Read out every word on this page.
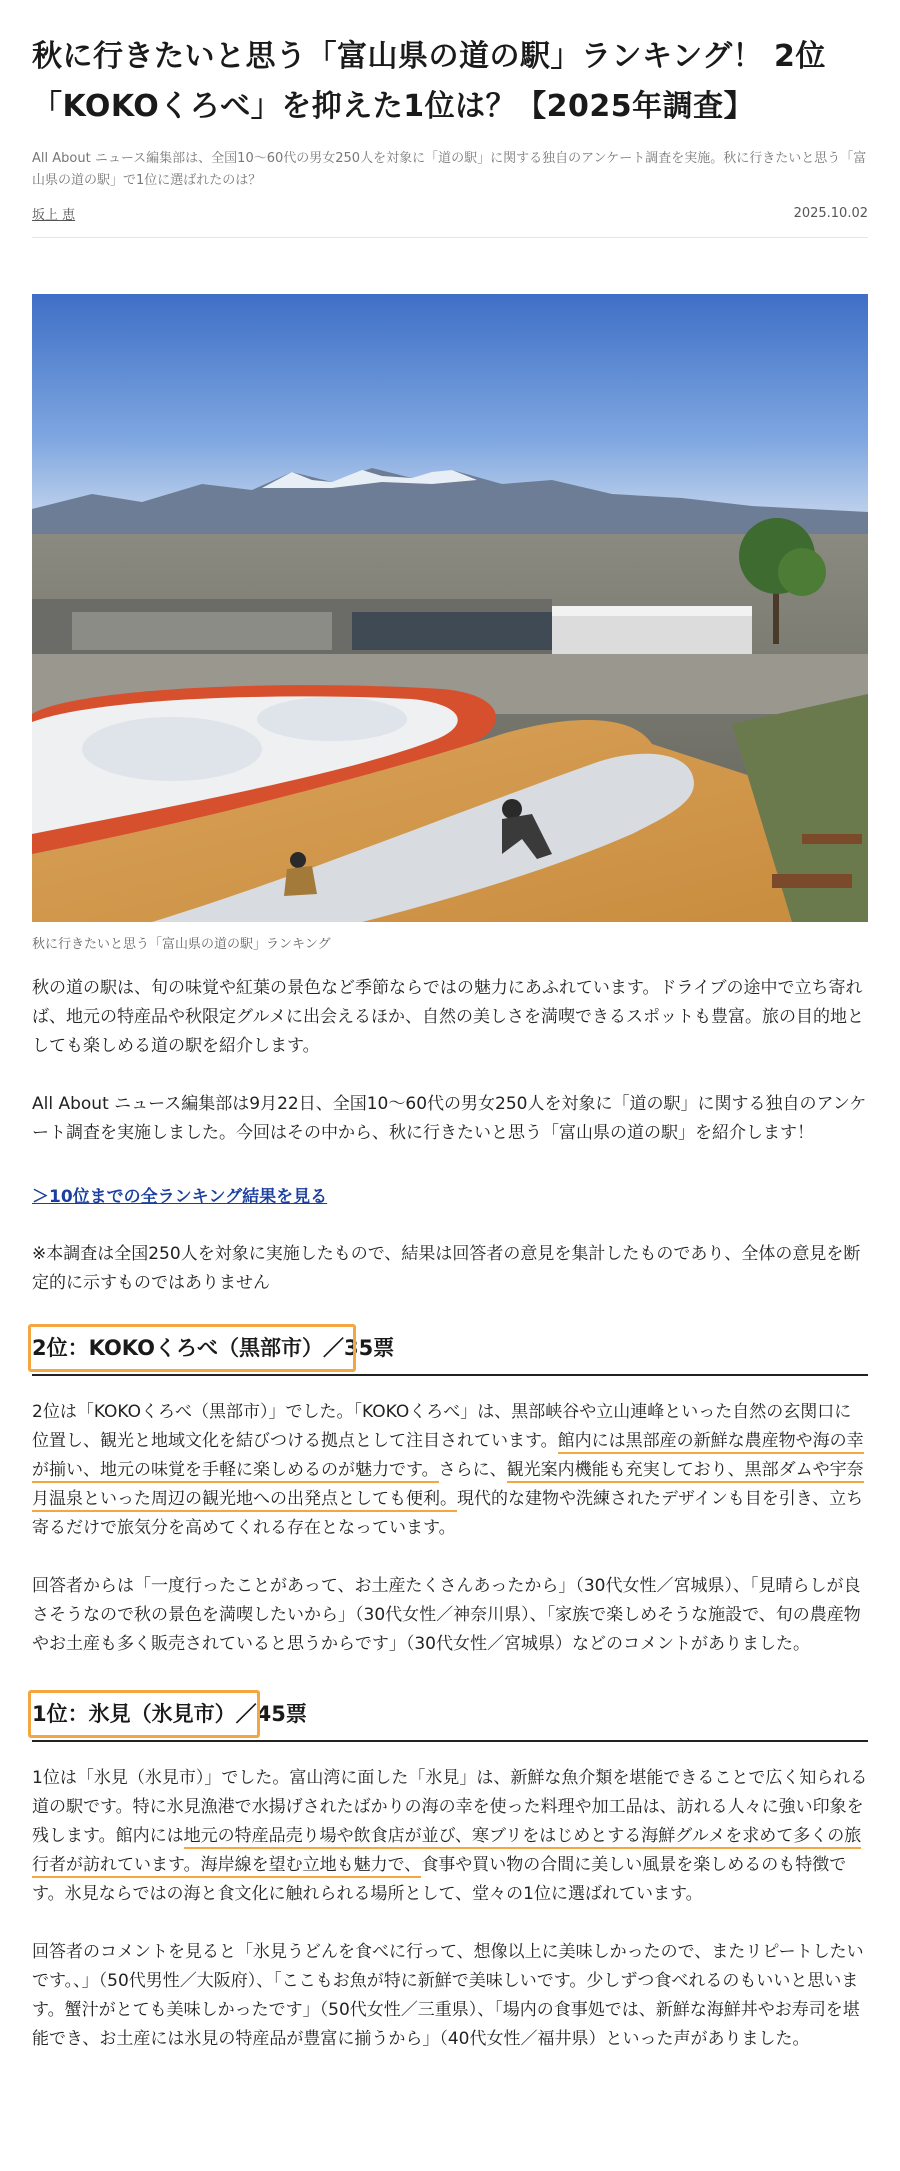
秋に行きたいと思う「富山県の道の駅」ランキング！ 2位「KOKOくろべ」を抑えた1位は？【2025年調査】

All About ニュース編集部は、全国10〜60代の男女250人を対象に「道の駅」に関する独自のアンケート調査を実施。秋に行きたいと思う「富山県の道の駅」で1位に選ばれたのは？

坂上 恵	2025.10.02

秋に行きたいと思う「富山県の道の駅」ランキング

秋の道の駅は、旬の味覚や紅葉の景色など季節ならではの魅力にあふれています。ドライブの途中で立ち寄れば、地元の特産品や秋限定グルメに出会えるほか、自然の美しさを満喫できるスポットも豊富。旅の目的地としても楽しめる道の駅を紹介します。

All About ニュース編集部は9月22日、全国10〜60代の男女250人を対象に「道の駅」に関する独自のアンケート調査を実施しました。今回はその中から、秋に行きたいと思う「富山県の道の駅」を紹介します！

＞10位までの全ランキング結果を見る

※本調査は全国250人を対象に実施したもので、結果は回答者の意見を集計したものであり、全体の意見を断定的に示すものではありません

2位：KOKOくろべ（黒部市）／35票

2位は「KOKOくろべ（黒部市）」でした。「KOKOくろべ」は、黒部峡谷や立山連峰といった自然の玄関口に位置し、観光と地域文化を結びつける拠点として注目されています。館内には黒部産の新鮮な農産物や海の幸が揃い、地元の味覚を手軽に楽しめるのが魅力です。さらに、観光案内機能も充実しており、黒部ダムや宇奈月温泉といった周辺の観光地への出発点としても便利。現代的な建物や洗練されたデザインも目を引き、立ち寄るだけで旅気分を高めてくれる存在となっています。

回答者からは「一度行ったことがあって、お土産たくさんあったから」（30代女性／宮城県）、「見晴らしが良さそうなので秋の景色を満喫したいから」（30代女性／神奈川県）、「家族で楽しめそうな施設で、旬の農産物やお土産も多く販売されていると思うからです」（30代女性／宮城県）などのコメントがありました。

1位：氷見（氷見市）／45票

1位は「氷見（氷見市）」でした。富山湾に面した「氷見」は、新鮮な魚介類を堪能できることで広く知られる道の駅です。特に氷見漁港で水揚げされたばかりの海の幸を使った料理や加工品は、訪れる人々に強い印象を残します。館内には地元の特産品売り場や飲食店が並び、寒ブリをはじめとする海鮮グルメを求めて多くの旅行者が訪れています。海岸線を望む立地も魅力で、食事や買い物の合間に美しい風景を楽しめるのも特徴です。氷見ならではの海と食文化に触れられる場所として、堂々の1位に選ばれています。

回答者のコメントを見ると「氷見うどんを食べに行って、想像以上に美味しかったので、またリピートしたいです。、」（50代男性／大阪府）、「ここもお魚が特に新鮮で美味しいです。少しずつ食べれるのもいいと思います。蟹汁がとても美味しかったです」（50代女性／三重県）、「場内の食事処では、新鮮な海鮮丼やお寿司を堪能でき、お土産には氷見の特産品が豊富に揃うから」（40代女性／福井県）といった声がありました。
